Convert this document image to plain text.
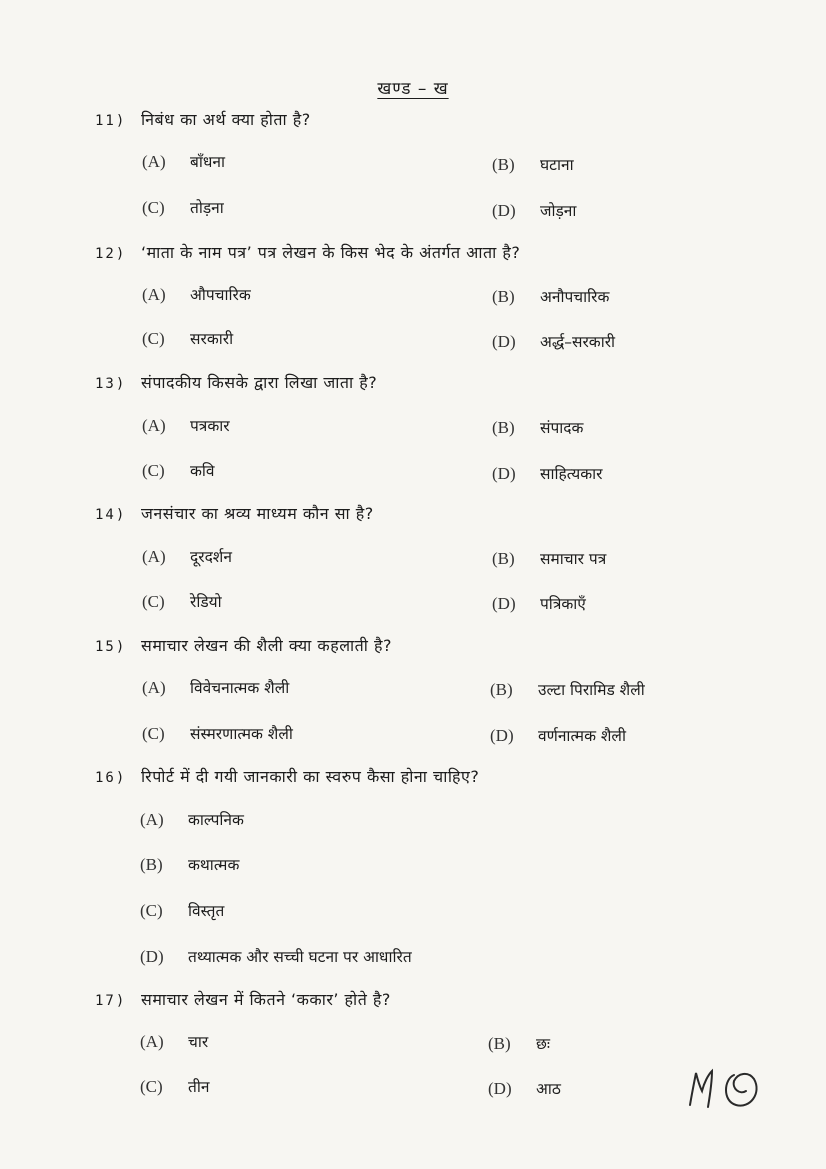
खण्ड – ख
11) निबंध का अर्थ क्या होता है?
(A) बाँधना	(B) घटाना
(C) तोड़ना	(D) जोड़ना
12) ‘माता के नाम पत्र’ पत्र लेखन के किस भेद के अंतर्गत आता है?
(A) औपचारिक	(B) अनौपचारिक
(C) सरकारी	(D) अर्द्ध–सरकारी
13) संपादकीय किसके द्वारा लिखा जाता है?
(A) पत्रकार	(B) संपादक
(C) कवि	(D) साहित्यकार
14) जनसंचार का श्रव्य माध्यम कौन सा है?
(A) दूरदर्शन	(B) समाचार पत्र
(C) रेडियो	(D) पत्रिकाएँ
15) समाचार लेखन की शैली क्या कहलाती है?
(A) विवेचनात्मक शैली	(B) उल्टा पिरामिड शैली
(C) संस्मरणात्मक शैली	(D) वर्णनात्मक शैली
16) रिपोर्ट में दी गयी जानकारी का स्वरुप कैसा होना चाहिए?
(A) काल्पनिक
(B) कथात्मक
(C) विस्तृत
(D) तथ्यात्मक और सच्ची घटना पर आधारित
17) समाचार लेखन में कितने ‘ककार’ होते है?
(A) चार	(B) छः
(C) तीन	(D) आठ
